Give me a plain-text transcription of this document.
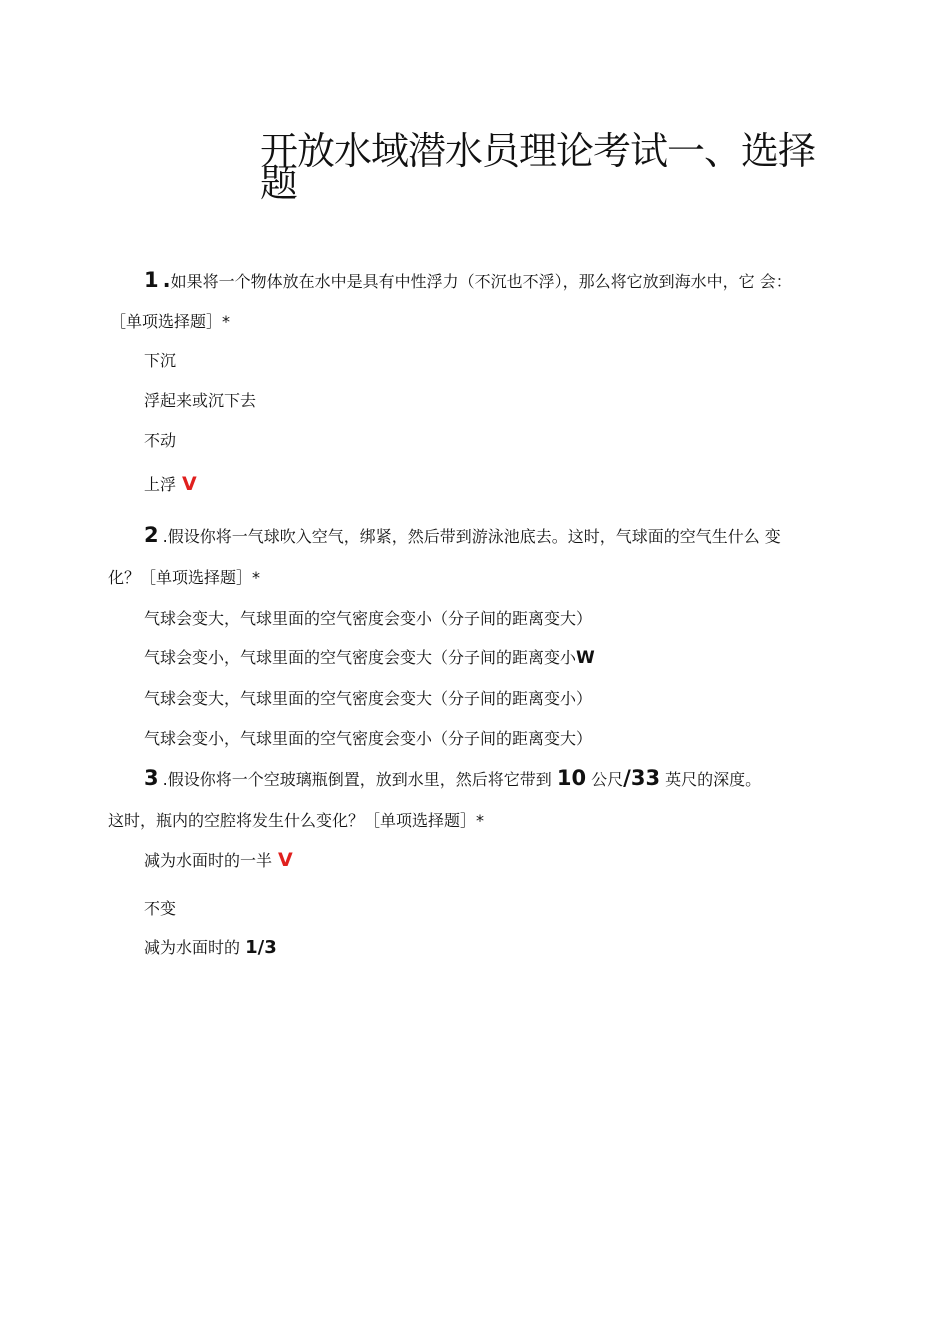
开放水域潜水员理论考试一、选择题
1 .如果将一个物体放在水中是具有中性浮力（不沉也不浮），那么将它放到海水中，它 会：
［单项选择题］*
下沉
浮起来或沉下去
不动
上浮 V
2 .假设你将一气球吹入空气，绑紧，然后带到游泳池底去。这时，气球面的空气生什么 变
化？［单项选择题］*
气球会变大，气球里面的空气密度会变小（分子间的距离变大）
气球会变小，气球里面的空气密度会变大（分子间的距离变小W
气球会变大，气球里面的空气密度会变大（分子间的距离变小）
气球会变小，气球里面的空气密度会变小（分子间的距离变大）
3 .假设你将一个空玻璃瓶倒置，放到水里，然后将它带到 10 公尺/33 英尺的深度。
这时，瓶内的空腔将发生什么变化？［单项选择题］*
减为水面时的一半 V
不变
减为水面时的 1/3
